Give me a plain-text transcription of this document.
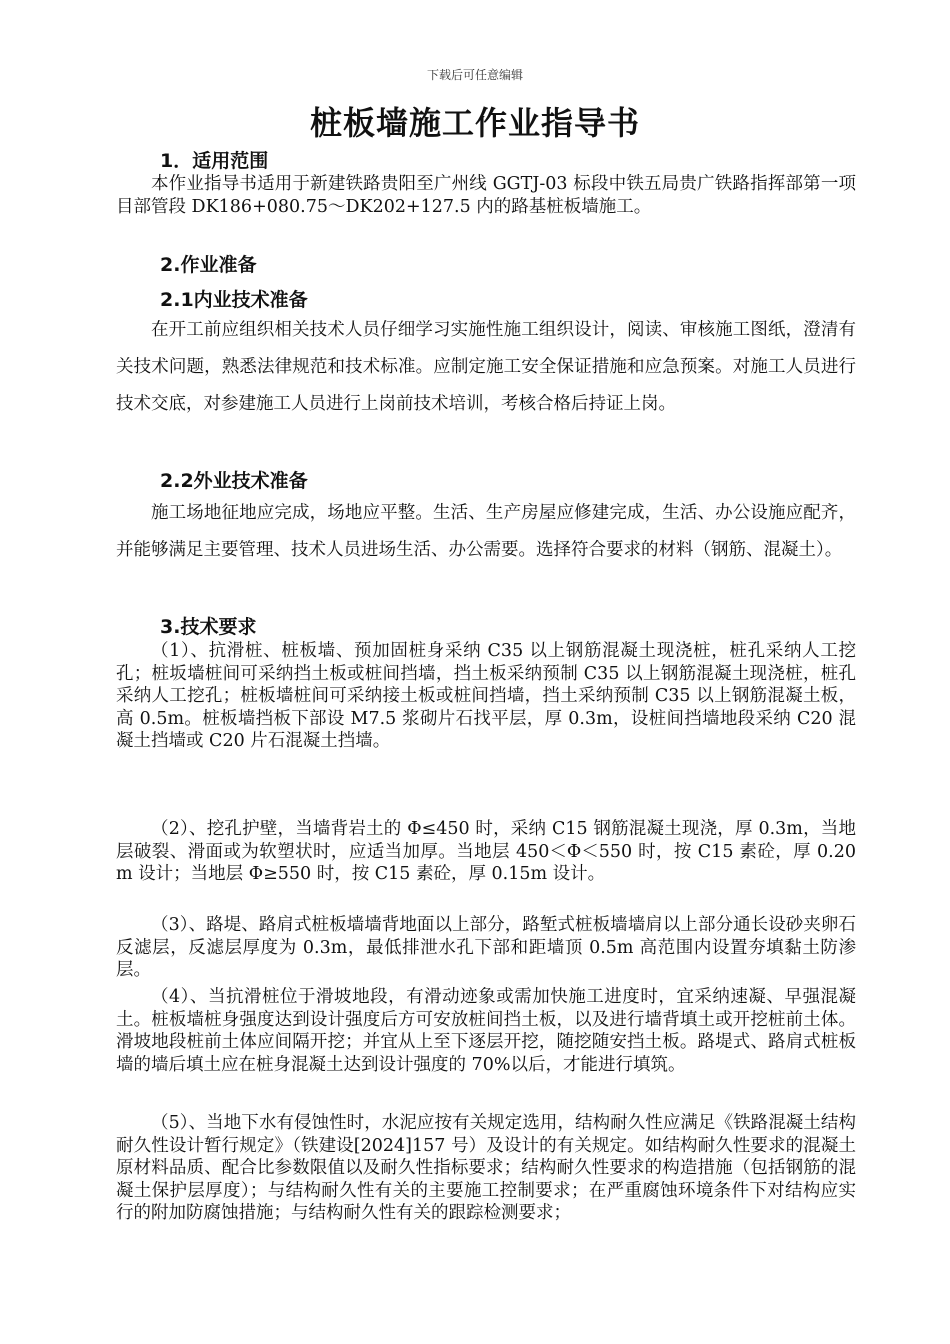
下载后可任意编辑
桩板墙施工作业指导书
1．适用范围

本作业指导书适用于新建铁路贵阳至广州线 GGTJ-03 标段中铁五局贵广铁路指挥部第一项目部管段 DK186+080.75～DK202+127.5 内的路基桩板墙施工。

2.作业准备
2.1内业技术准备

在开工前应组织相关技术人员仔细学习实施性施工组织设计，阅读、审核施工图纸，澄清有关技术问题，熟悉法律规范和技术标准。应制定施工安全保证措施和应急预案。对施工人员进行技术交底，对参建施工人员进行上岗前技术培训，考核合格后持证上岗。

2.2外业技术准备

施工场地征地应完成，场地应平整。生活、生产房屋应修建完成，生活、办公设施应配齐，并能够满足主要管理、技术人员进场生活、办公需要。选择符合要求的材料（钢筋、混凝土）。

3.技术要求

（1）、抗滑桩、桩板墙、预加固桩身采纳 C35 以上钢筋混凝土现浇桩，桩孔采纳人工挖孔；桩坂墙桩间可采纳挡土板或桩间挡墙，挡土板采纳预制 C35 以上钢筋混凝土现浇桩，桩孔采纳人工挖孔；桩板墙桩间可采纳接土板或桩间挡墙，挡土采纳预制 C35 以上钢筋混凝土板，高 0.5m。桩板墙挡板下部设 M7.5 浆砌片石找平层，厚 0.3m，设桩间挡墙地段采纳 C20 混凝土挡墙或 C20 片石混凝土挡墙。

（2）、挖孔护壁，当墙背岩土的 Φ≤450 时，采纳 C15 钢筋混凝土现浇，厚 0.3m，当地层破裂、滑面或为软塑状时，应适当加厚。当地层 450＜Φ＜550 时，按 C15 素砼，厚 0.20m 设计；当地层 Φ≥550 时，按 C15 素砼，厚 0.15m 设计。

（3）、路堤、路肩式桩板墙墙背地面以上部分，路堑式桩板墙墙肩以上部分通长设砂夹卵石反滤层，反滤层厚度为 0.3m，最低排泄水孔下部和距墙顶 0.5m 高范围内设置夯填黏土防渗层。

（4）、当抗滑桩位于滑坡地段，有滑动迹象或需加快施工进度时，宜采纳速凝、早强混凝土。桩板墙桩身强度达到设计强度后方可安放桩间挡土板，以及进行墙背填土或开挖桩前土体。滑坡地段桩前土体应间隔开挖；并宜从上至下逐层开挖，随挖随安挡土板。路堤式、路肩式桩板墙的墙后填土应在桩身混凝土达到设计强度的 70%以后，才能进行填筑。

（5）、当地下水有侵蚀性时，水泥应按有关规定选用，结构耐久性应满足《铁路混凝土结构耐久性设计暂行规定》（铁建设[2024]157 号）及设计的有关规定。如结构耐久性要求的混凝土原材料品质、配合比参数限值以及耐久性指标要求；结构耐久性要求的构造措施（包括钢筋的混凝土保护层厚度）；与结构耐久性有关的主要施工控制要求；在严重腐蚀环境条件下对结构应实行的附加防腐蚀措施；与结构耐久性有关的跟踪检测要求；
